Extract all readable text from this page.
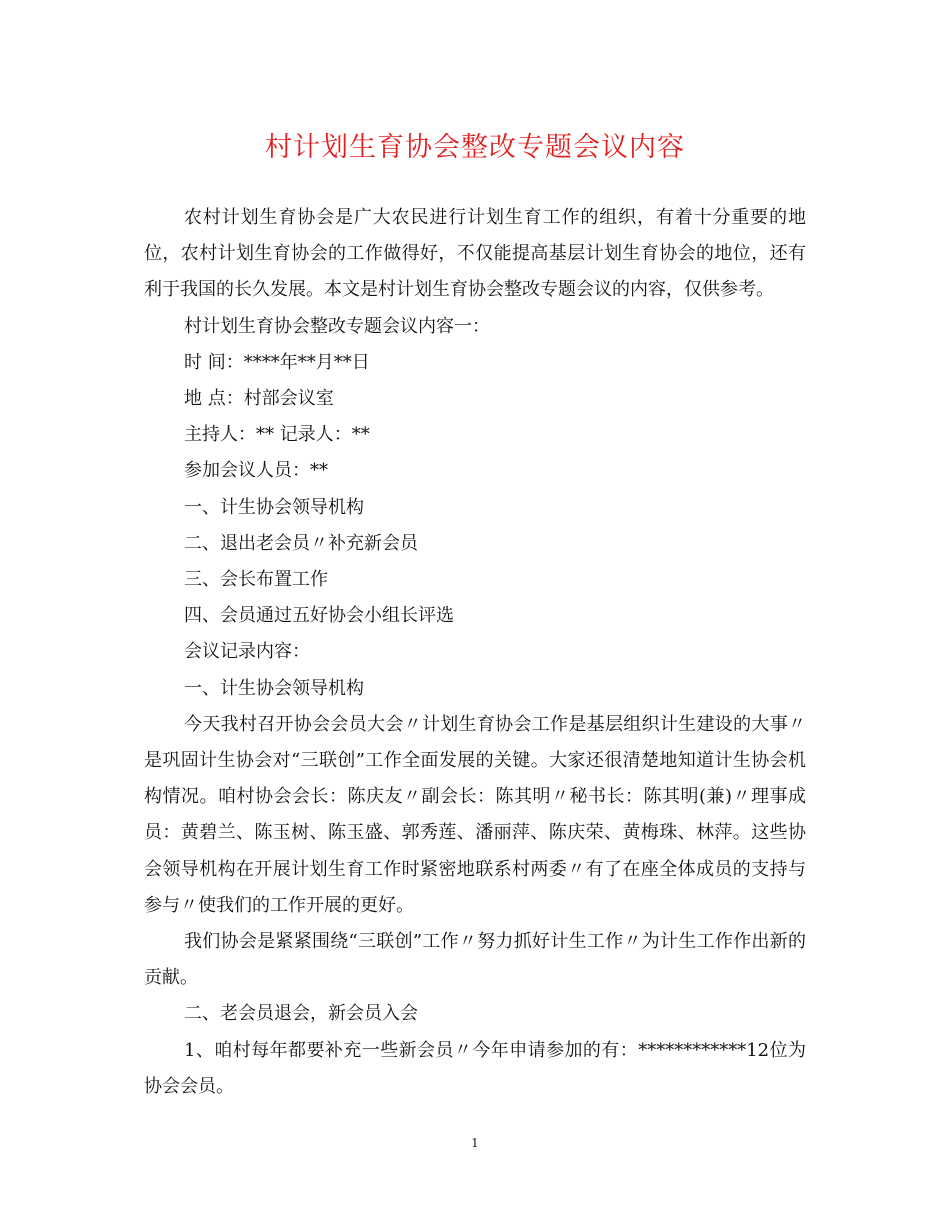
村计划生育协会整改专题会议内容

农村计划生育协会是广大农民进行计划生育工作的组织，有着十分重要的地位，农村计划生育协会的工作做得好，不仅能提高基层计划生育协会的地位，还有利于我国的长久发展。本文是村计划生育协会整改专题会议的内容，仅供参考。

村计划生育协会整改专题会议内容一：

时 间：****年**月**日

地 点：村部会议室

主持人：** 记录人：**

参加会议人员：**

一、计生协会领导机构

二、退出老会员〃补充新会员

三、会长布置工作

四、会员通过五好协会小组长评选

会议记录内容：

一、计生协会领导机构

今天我村召开协会会员大会〃计划生育协会工作是基层组织计生建设的大事〃是巩固计生协会对“三联创”工作全面发展的关键。大家还很清楚地知道计生协会机构情况。咱村协会会长：陈庆友〃副会长：陈其明〃秘书长：陈其明(兼)〃理事成员：黄碧兰、陈玉树、陈玉盛、郭秀莲、潘丽萍、陈庆荣、黄梅珠、林萍。这些协会领导机构在开展计划生育工作时紧密地联系村两委〃有了在座全体成员的支持与参与〃使我们的工作开展的更好。

我们协会是紧紧围绕“三联创”工作〃努力抓好计生工作〃为计生工作作出新的贡献。

二、老会员退会，新会员入会

1、咱村每年都要补充一些新会员〃今年申请参加的有：************12位为协会会员。

1
